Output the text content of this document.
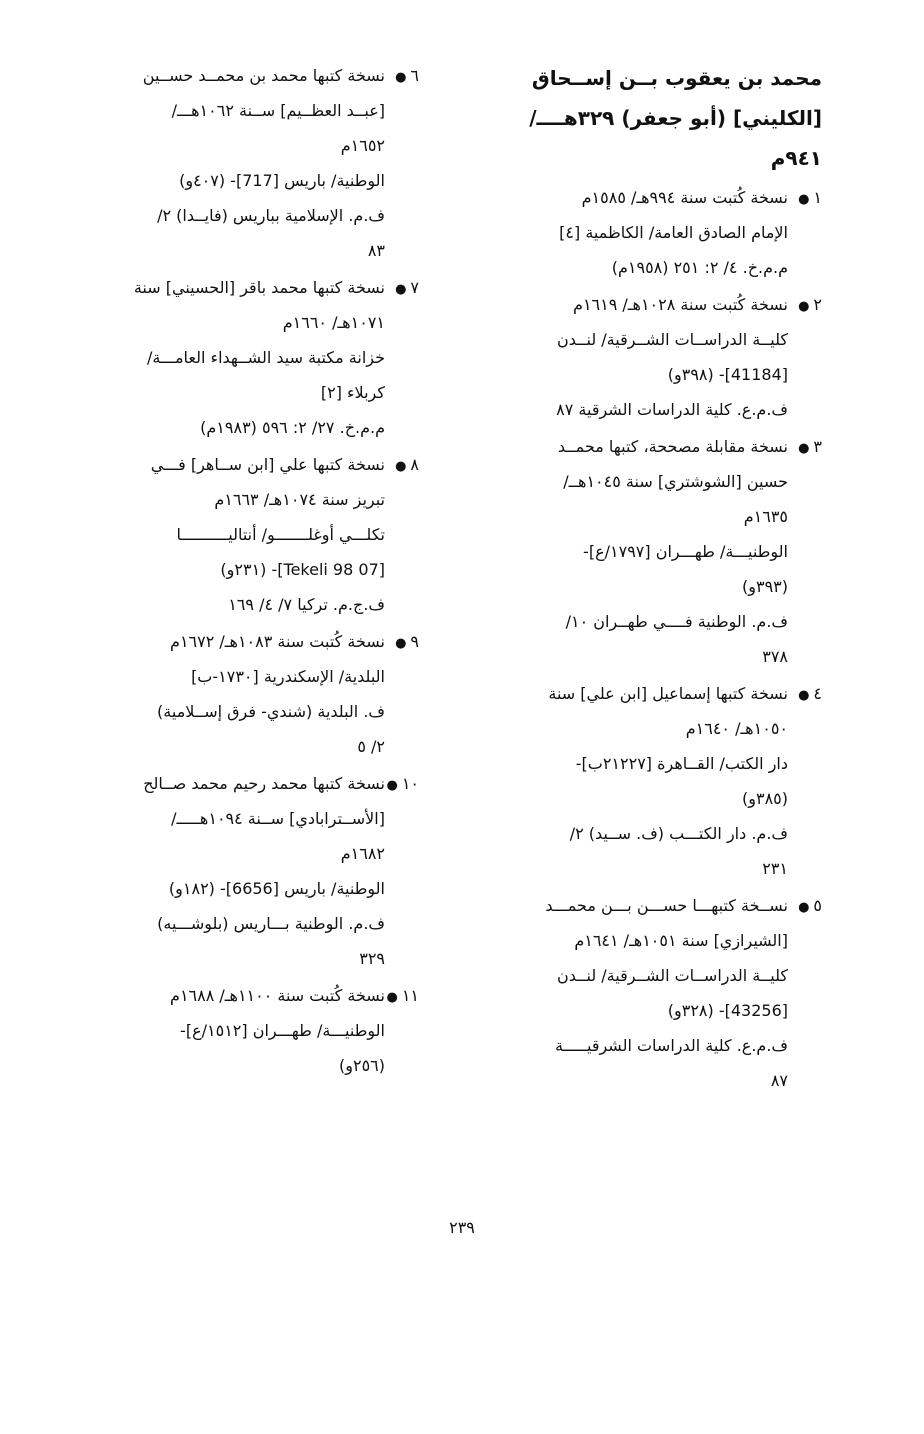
محمد بن يعقوب بــن إســحاق
[الكليني] (أبو جعفر) ٣٢٩هــــ/
٩٤١م
١●
نسخة كُتبت سنة ٩٩٤هـ/ ١٥٨٥م
الإمام الصادق العامة/ الكاظمية [٤]
م.م.خ. ٤/ ٢: ٢٥١ (١٩٥٨م)
٢●
نسخة كُتبت سنة ١٠٢٨هـ/ ١٦١٩م
كليــة الدراســات الشــرقية/ لنــدن
[41184]- (٣٩٨و)
ف.م.ع. كلية الدراسات الشرقية ٨٧
٣●
نسخة مقابلة مصححة، كتبها محمــد
حسين [الشوشتري] سنة ١٠٤٥هــ/
١٦٣٥م
الوطنيـــة/ طهـــران [١٧٩٧/ع]-
(٣٩٣و)
ف.م. الوطنية فــــي طهــران ١٠/
٣٧٨
٤●
نسخة كتبها إسماعيل [ابن علي] سنة
١٠٥٠هـ/ ١٦٤٠م
دار الكتب/ القــاهرة [٢١٢٢٧ب]-
(٣٨٥و)
ف.م. دار الكتـــب (ف. ســيد) ٢/
٢٣١
٥●
نســخة كتبهـــا حســـن بـــن محمـــد
[الشيرازي] سنة ١٠٥١هـ/ ١٦٤١م
كليــة الدراســات الشــرقية/ لنــدن
[43256]- (٣٢٨و)
ف.م.ع. كلية الدراسات الشرقيـــــة
٨٧
٦●
نسخة كتبها محمد بن محمــد حســين
[عبــد العظــيم] ســنة ١٠٦٢هـــ/
١٦٥٢م
الوطنية/ باريس [717]- (٤٠٧و)
ف.م. الإسلامية بباريس (فايــدا) ٢/
٨٣
٧●
نسخة كتبها محمد باقر [الحسيني] سنة
١٠٧١هـ/ ١٦٦٠م
خزانة مكتبة سيد الشــهداء العامـــة/
كربلاء [٢]
م.م.خ. ٢٧/ ٢: ٥٩٦ (١٩٨٣م)
٨●
نسخة كتبها علي [ابن ســاهر] فـــي
تبريز سنة ١٠٧٤هـ/ ١٦٦٣م
تكلـــي أوغلـــــــو/ أنتاليــــــــــا
[07 Tekeli 98]- (٢٣١و)
ف.ج.م. تركيا ٧/ ٤/ ١٦٩
٩●
نسخة كُتبت سنة ١٠٨٣هـ/ ١٦٧٢م
البلدية/ الإسكندرية [١٧٣٠-ب]
ف. البلدية (شندي- فرق إســلامية)
٢/ ٥
١٠●
نسخة كتبها محمد رحيم محمد صــالح
[الأســترابادي] ســنة ١٠٩٤هـــــ/
١٦٨٢م
الوطنية/ باريس [6656]- (١٨٢و)
ف.م. الوطنية بـــاريس (بلوشـــيه)
٣٢٩
١١●
نسخة كُتبت سنة ١١٠٠هـ/ ١٦٨٨م
الوطنيـــة/ طهـــران [١٥١٢/ع]-
(٢٥٦و)
٢٣٩
